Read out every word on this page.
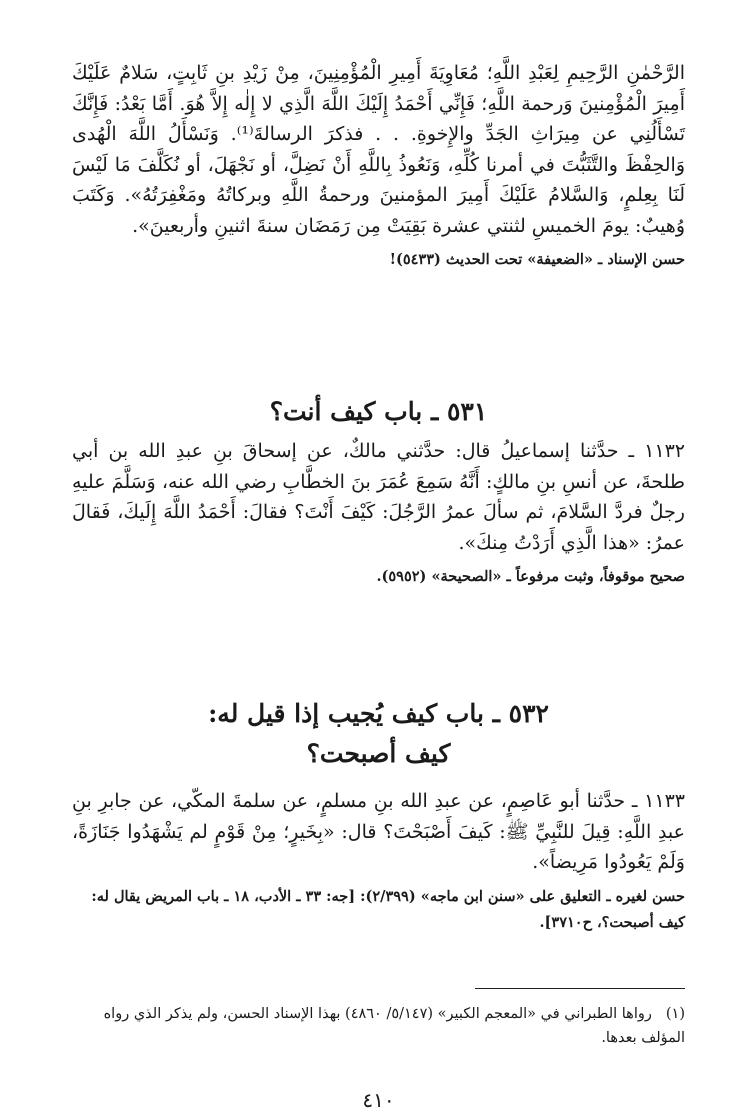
الرَّحْمٰنِ الرَّحِيمِ لِعَبْدِ اللَّهِ؛ مُعَاوِيَةَ أَمِيرِ الْمُؤْمِنِينَ، مِنْ زَيْدِ بنِ ثَابِتٍ، سَلامٌ عَلَيْكَ أَمِيرَ الْمُؤْمِنينَ وَرحمة اللَّهِ؛ فَإِنِّي أَحْمَدُ إِلَيْكَ اللَّهَ الَّذِي لا إِلٰه إِلاَّ هُوَ. أَمَّا بَعْدُ: فَإِنَّكَ تَسْأَلُنِي عن مِيرَاثِ الجَدِّ والإِخوةِ. . . فذكرَ الرسالةَ⁽¹⁾. وَنَسْأَلُ اللَّهَ الْهُدى وَالحِفْظَ والتَّثَبُّتَ في أمرنا كُلِّهِ، وَنَعُوذُ بِاللَّهِ أَنْ نَضِلَّ، أو نَجْهَلَ، أو نُكَلَّفَ مَا لَيْسَ لَنَا بِعِلمٍ، وَالسَّلامُ عَلَيْكَ أَمِيرَ المؤمنينَ ورحمةُ اللَّهِ وبركاتُهُ ومَغْفِرَتُهُ». وَكَتَبَ وُهيبٌ: يومَ الخميسِ لثنتي عشرة بَقِيَتْ مِن رَمَضَان سنةَ اثنينِ وأربعينَ».

حسن الإسناد ـ «الضعيفة» تحت الحديث (٥٤٣٣)!

٥٣١ ـ باب كيف أنت؟

١١٣٢ ـ حدَّثنا إسماعيلُ قال: حدَّثني مالكٌ، عن إسحاقَ بنِ عبدِ الله بن أبي طلحةَ، عن أنسِ بنِ مالكٍ: أَنَّهُ سَمِعَ عُمَرَ بنَ الخطَّابِ رضي الله عنه، وَسَلَّمَ عليهِ رجلٌ فردَّ السَّلامَ، ثم سألَ عمرُ الرَّجُلَ: كَيْفَ أَنْتَ؟ فقالَ: أَحْمَدُ اللَّهَ إِلَيكَ، فَقالَ عمرُ: «هذا الَّذِي أَرَدْتُ مِنكَ».

صحيح موقوفاً، وثبت مرفوعاً ـ «الصحيحة» (٥٩٥٢).

٥٣٢ ـ باب كيف يُجيب إذا قيل له:
كيف أصبحت؟

١١٣٣ ـ حدَّثنا أبو عَاصِمٍ، عن عبدِ الله بنِ مسلمٍ، عن سلمةَ المكّي، عن جابرِ بنِ عبدِ اللَّهِ: قِيلَ للنَّبِيِّ ﷺ: كَيفَ أَصْبَحْتَ؟ قال: «بِخَيرٍ؛ مِنْ قَوْمٍ لم يَشْهَدُوا جَنَازَةً، وَلَمْ يَعُودُوا مَرِيضاً».

حسن لغيره ـ التعليق على «سنن ابن ماجه» (٢/٣٩٩): [جه: ٣٣ ـ الأدب، ١٨ ـ باب المريض يقال له: كيف أصبحت؟، ح٣٧١٠].

(١)رواها الطبراني في «المعجم الكبير» (٥/١٤٧/ ٤٨٦٠) بهذا الإسناد الحسن، ولم يذكر الذي رواه المؤلف بعدها.

٤١٠
